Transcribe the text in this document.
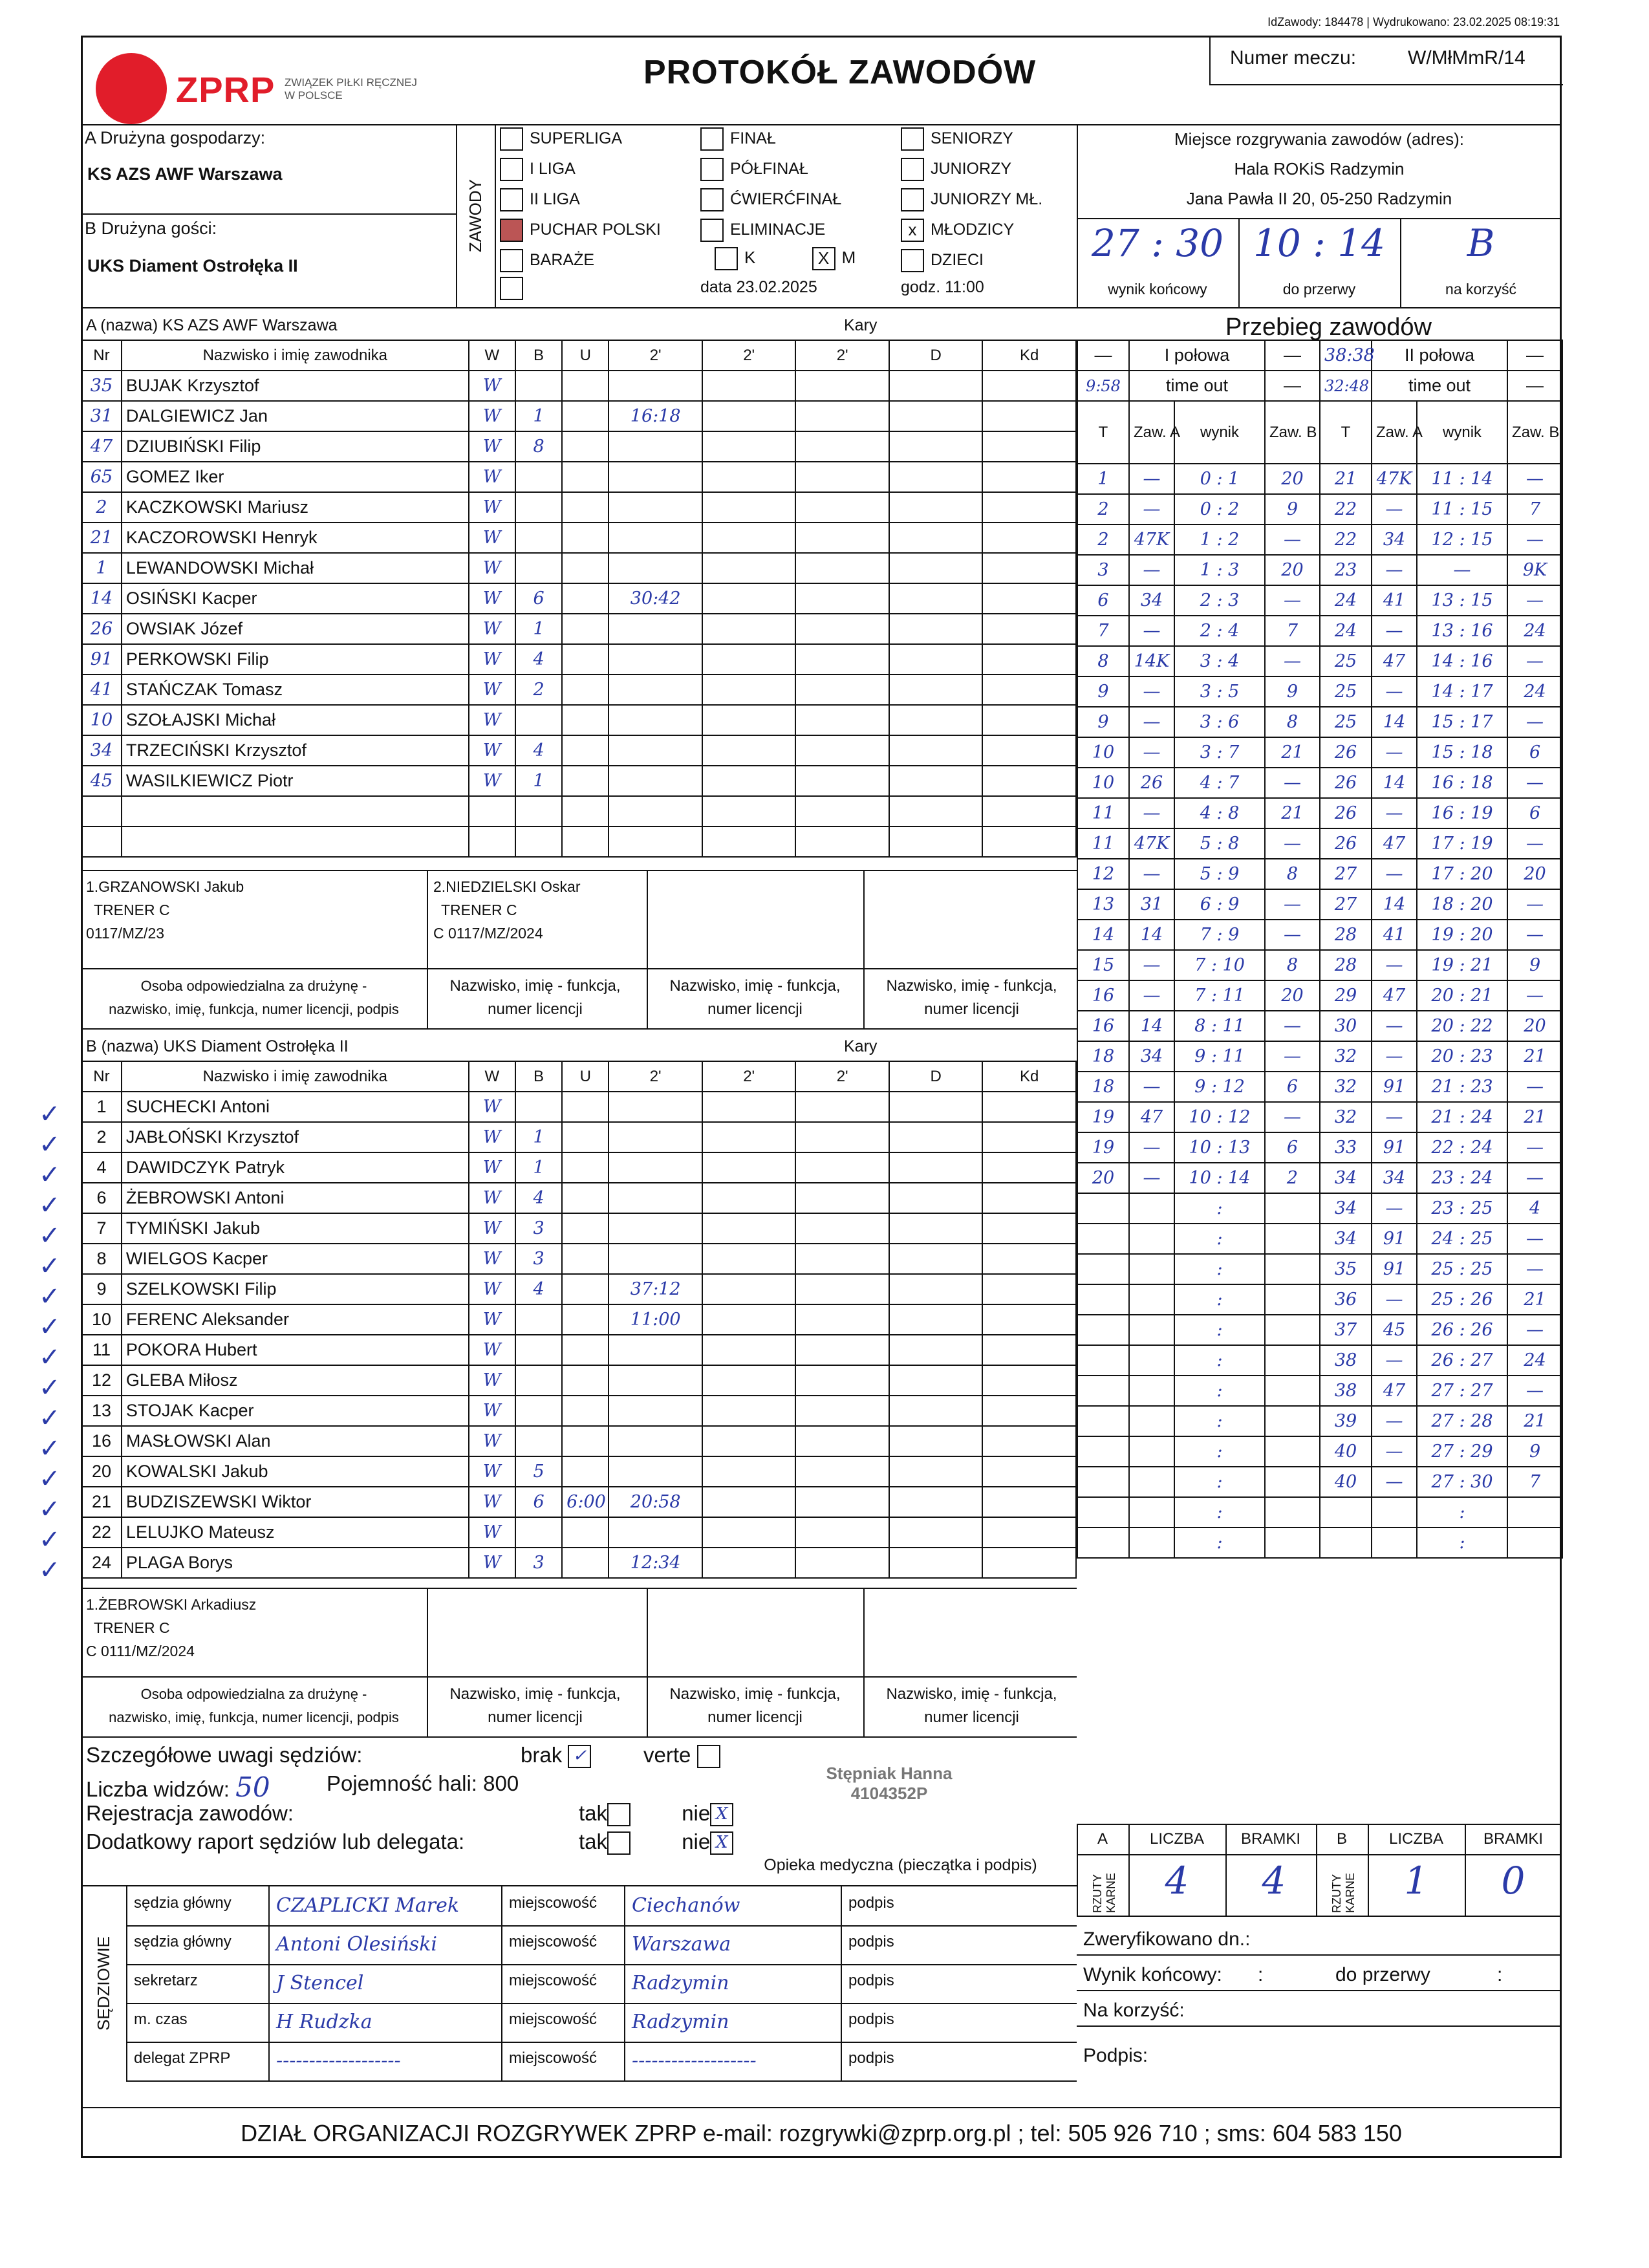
IdZawody: 184478 | Wydrukowano: 23.02.2025 08:19:31
ZPRP ZWIĄZEK PIŁKI RĘCZNEJ
W POLSCE
PROTOKÓŁ ZAWODÓW	Numer meczu:	W/MłMmR/14
A Drużyna gospodarzy:
KS AZS AWF Warszawa
B Drużyna gości:
UKS Diament Ostrołęka II
ZAWODY
SUPERLIGA
I LIGA
II LIGA
PUCHAR POLSKI
BARAŻE
FINAŁ
PÓŁFINAŁ
ĆWIERĆFINAŁ
ELIMINACJE
SENIORZY
JUNIORZY
JUNIORZY MŁ.
x MŁODZICY
DZIECI
K	X M
data 23.02.2025	godz. 11:00
Miejsce rozgrywania zawodów (adres):
Hala ROKiS Radzymin
Jana Pawła II 20, 05-250 Radzymin
27 : 30 10 : 14	B
wynik końcowy	do przerwy	na korzyść
A (nazwa) KS AZS AWF Warszawa	Kary
Nr	Nazwisko i imię zawodnika	W	B	U	2'	2'	2'	D	Kd
35	BUJAK Krzysztof	W							
31	DALGIEWICZ Jan	W	1		16:18				
47	DZIUBIŃSKI Filip	W	8						
65	GOMEZ Iker	W							
2	KACZKOWSKI Mariusz	W							
21	KACZOROWSKI Henryk	W							
1	LEWANDOWSKI Michał	W							
14	OSIŃSKI Kacper	W	6		30:42				
26	OWSIAK Józef	W	1						
91	PERKOWSKI Filip	W	4						
41	STAŃCZAK Tomasz	W	2						
10	SZOŁAJSKI Michał	W							
34	TRZECIŃSKI Krzysztof	W	4						
45	WASILKIEWICZ Piotr	W	1						

1.GRZANOWSKI Jakub
TRENER C
0117/MZ/23
2.NIEDZIELSKI Oskar
TRENER C
C 0117/MZ/2024
Osoba odpowiedzialna za drużynę -
nazwisko, imię, funkcja, numer licencji, podpis
Nazwisko, imię - funkcja,
numer licencji
Nazwisko, imię - funkcja,
numer licencji
Nazwisko, imię - funkcja,
numer licencji
B (nazwa) UKS Diament Ostrołęka II	Kary
Nr	Nazwisko i imię zawodnika	W	B	U	2'	2'	2'	D	Kd
1	SUCHECKI Antoni	W							
2	JABŁOŃSKI Krzysztof	W	1						
4	DAWIDCZYK Patryk	W	1						
6	ŻEBROWSKI Antoni	W	4						
7	TYMIŃSKI Jakub	W	3						
8	WIELGOS Kacper	W	3						
9	SZELKOWSKI Filip	W	4		37:12				
10	FERENC Aleksander	W			11:00				
11	POKORA Hubert	W							
12	GLEBA Miłosz	W							
13	STOJAK Kacper	W							
16	MASŁOWSKI Alan	W							
20	KOWALSKI Jakub	W	5						
21	BUDZISZEWSKI Wiktor	W	6	6:00	20:58				
22	LELUJKO Mateusz	W							
24	PLAGA Borys	W	3		12:34				
✓
✓
✓
✓
✓
✓
✓
✓
✓
✓
✓
✓
✓
✓
✓
✓
1.ŻEBROWSKI Arkadiusz
TRENER C
C 0111/MZ/2024
Osoba odpowiedzialna za drużynę -
nazwisko, imię, funkcja, numer licencji, podpis
Nazwisko, imię - funkcja,
numer licencji
Nazwisko, imię - funkcja,
numer licencji
Nazwisko, imię - funkcja,
numer licencji
Przebieg zawodów
—	I połowa		—	38:38	II połowa		—
9:58	time out		—	32:48	time out		—
T	Zaw. A	wynik	Zaw. B	T	Zaw. A	wynik	Zaw. B
1	—	0 : 1	20	21	47K	11 : 14	—
2	—	0 : 2	9	22	—	11 : 15	7
2	47K	1 : 2	—	22	34	12 : 15	—
3	—	1 : 3	20	23	—	—	9K
6	34	2 : 3	—	24	41	13 : 15	—
7	—	2 : 4	7	24	—	13 : 16	24
8	14K	3 : 4	—	25	47	14 : 16	—
9	—	3 : 5	9	25	—	14 : 17	24
9	—	3 : 6	8	25	14	15 : 17	—
10	—	3 : 7	21	26	—	15 : 18	6
10	26	4 : 7	—	26	14	16 : 18	—
11	—	4 : 8	21	26	—	16 : 19	6
11	47K	5 : 8	—	26	47	17 : 19	—
12	—	5 : 9	8	27	—	17 : 20	20
13	31	6 : 9	—	27	14	18 : 20	—
14	14	7 : 9	—	28	41	19 : 20	—
15	—	7 : 10	8	28	—	19 : 21	9
16	—	7 : 11	20	29	47	20 : 21	—
16	14	8 : 11	—	30	—	20 : 22	20
18	34	9 : 11	—	32	—	20 : 23	21
18	—	9 : 12	6	32	91	21 : 23	—
19	47	10 : 12	—	32	—	21 : 24	21
19	—	10 : 13	6	33	91	22 : 24	—
20	—	10 : 14	2	34	34	23 : 24	—
		:		34	—	23 : 25	4
		:		34	91	24 : 25	—
		:		35	91	25 : 25	—
		:		36	—	25 : 26	21
		:		37	45	26 : 26	—
		:		38	—	26 : 27	24
		:		38	47	27 : 27	—
		:		39	—	27 : 28	21
		:		40	—	27 : 29	9
		:		40	—	27 : 30	7
		:				:	
		:				:	
Szczegółowe uwagi sędziów:	brak ✓	verte
Liczba widzów: 50	Pojemność hali: 800
Rejestracja zawodów:	tak	nie X
Dodatkowy raport sędziów lub delegata:	tak	nie X
Stępniak Hanna
4104352P
Opieka medyczna (pieczątka i podpis)
SĘDZIOWIE
sędzia główny CZAPLICKI Marek	miejscowość Ciechanów	podpis
sędzia główny Antoni Olesiński	miejscowość Warszawa	podpis
sekretarz	J Stencel	miejscowość Radzymin	podpis
m. czas	H Rudzka	miejscowość Radzymin	podpis
delegat ZPRP -------------------	miejscowość -------------------	podpis
A	LICZBA	BRAMKI	B	LICZBA	BRAMKI
RZUTY KARNE	RZUTY KARNE
4	4	1	0
Zweryfikowano dn.:
Wynik końcowy:
Na korzyść:
Podpis:
:	do przerwy	:
DZIAŁ ORGANIZACJI ROZGRYWEK ZPRP e-mail: rozgrywki@zprp.org.pl ; tel: 505 926 710 ; sms: 604 583 150
